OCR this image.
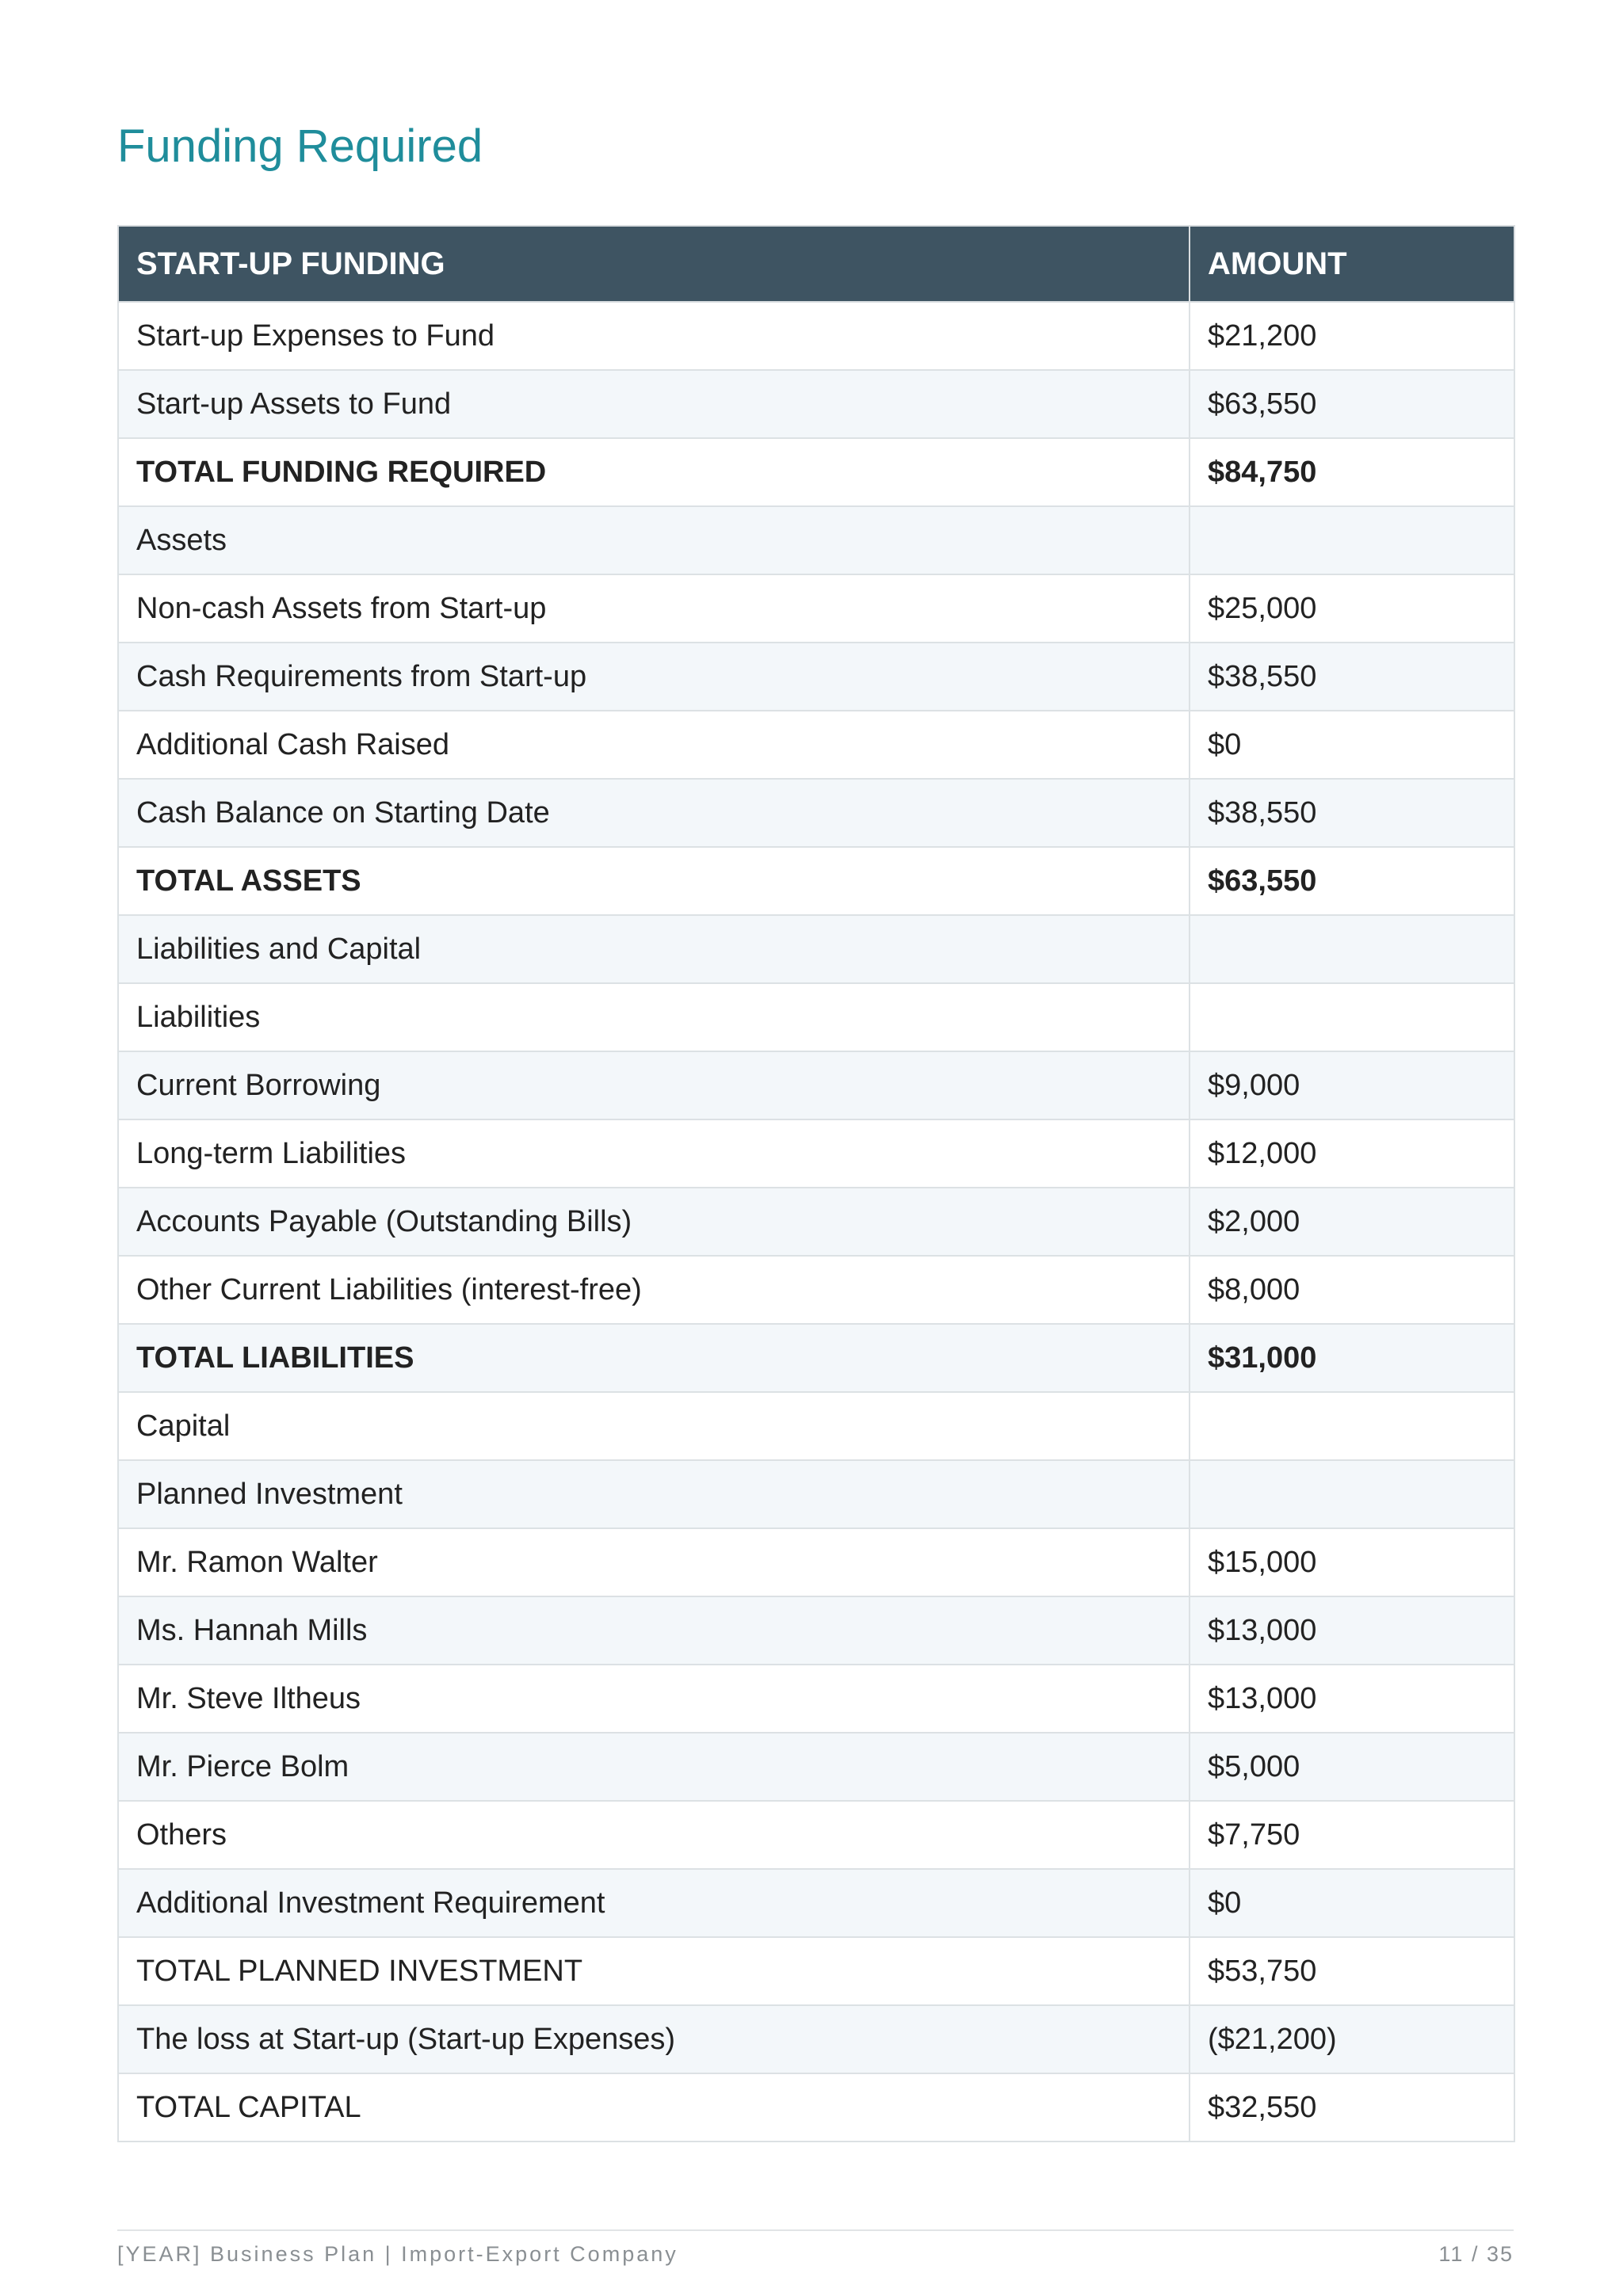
Funding Required
START-UP FUNDING	AMOUNT
Start-up Expenses to Fund	$21,200
Start-up Assets to Fund	$63,550
TOTAL FUNDING REQUIRED	$84,750
Assets	
Non-cash Assets from Start-up	$25,000
Cash Requirements from Start-up	$38,550
Additional Cash Raised	$0
Cash Balance on Starting Date	$38,550
TOTAL ASSETS	$63,550
Liabilities and Capital	
Liabilities	
Current Borrowing	$9,000
Long-term Liabilities	$12,000
Accounts Payable (Outstanding Bills)	$2,000
Other Current Liabilities (interest-free)	$8,000
TOTAL LIABILITIES	$31,000
Capital	
Planned Investment	
Mr. Ramon Walter	$15,000
Ms. Hannah Mills	$13,000
Mr. Steve Iltheus	$13,000
Mr. Pierce Bolm	$5,000
Others	$7,750
Additional Investment Requirement	$0
TOTAL PLANNED INVESTMENT	$53,750
The loss at Start-up (Start-up Expenses)	($21,200)
TOTAL CAPITAL	$32,550
[YEAR] Business Plan | Import-Export Company	11 / 35
